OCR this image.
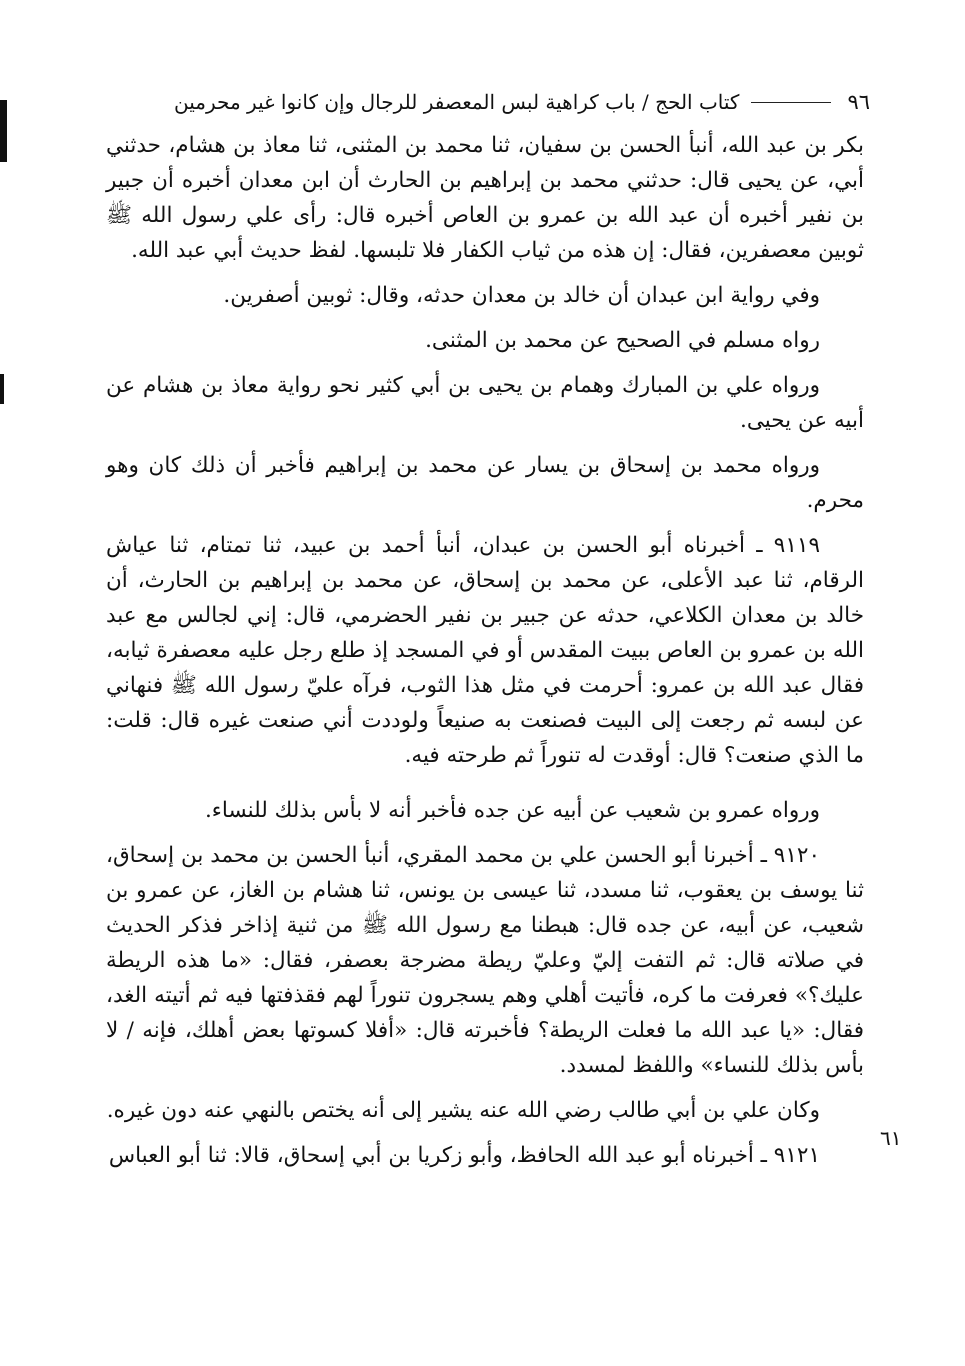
٩٦
كتاب الحج / باب كراهية لبس المعصفر للرجال وإن كانوا غير محرمين

بكر بن عبد الله، أنبأ الحسن بن سفيان، ثنا محمد بن المثنى، ثنا معاذ بن هشام، حدثني أبي، عن يحيى قال: حدثني محمد بن إبراهيم بن الحارث أن ابن معدان أخبره أن جبير بن نفير أخبره أن عبد الله بن عمرو بن العاص أخبره قال: رأى علي رسول الله ﷺ ثوبين معصفرين، فقال: إن هذه من ثياب الكفار فلا تلبسها. لفظ حديث أبي عبد الله.

وفي رواية ابن عبدان أن خالد بن معدان حدثه، وقال: ثوبين أصفرين.

رواه مسلم في الصحيح عن محمد بن المثنى.

ورواه علي بن المبارك وهمام بن يحيى بن أبي كثير نحو رواية معاذ بن هشام عن أبيه عن يحيى.

ورواه محمد بن إسحاق بن يسار عن محمد بن إبراهيم فأخبر أن ذلك كان وهو محرم.

٩١١٩ ـ أخبرناه أبو الحسن بن عبدان، أنبأ أحمد بن عبيد، ثنا تمتام، ثنا عياش الرقام، ثنا عبد الأعلى، عن محمد بن إسحاق، عن محمد بن إبراهيم بن الحارث، أن خالد بن معدان الكلاعي، حدثه عن جبير بن نفير الحضرمي، قال: إني لجالس مع عبد الله بن عمرو بن العاص ببيت المقدس أو في المسجد إذ طلع رجل عليه معصفرة ثيابه، فقال عبد الله بن عمرو: أحرمت في مثل هذا الثوب، فرآه عليّ رسول الله ﷺ فنهاني عن لبسه ثم رجعت إلى البيت فصنعت به صنيعاً ولوددت أني صنعت غيره قال: قلت: ما الذي صنعت؟ قال: أوقدت له تنوراً ثم طرحته فيه.

ورواه عمرو بن شعيب عن أبيه عن جده فأخبر أنه لا بأس بذلك للنساء.

٩١٢٠ ـ أخبرنا أبو الحسن علي بن محمد المقري، أنبأ الحسن بن محمد بن إسحاق، ثنا يوسف بن يعقوب، ثنا مسدد، ثنا عيسى بن يونس، ثنا هشام بن الغاز، عن عمرو بن شعيب، عن أبيه، عن جده قال: هبطنا مع رسول الله ﷺ من ثنية إذاخر فذكر الحديث في صلاته قال: ثم التفت إليّ وعليّ ريطة مضرجة بعصفر، فقال: «ما هذه الريطة عليك؟» فعرفت ما كره، فأتيت أهلي وهم يسجرون تنوراً لهم فقذفتها فيه ثم أتيته الغد، فقال: «يا عبد الله ما فعلت الريطة؟ فأخبرته قال: «أفلا كسوتها بعض أهلك، فإنه / لا بأس بذلك للنساء» واللفظ لمسدد.

وكان علي بن أبي طالب رضي الله عنه يشير إلى أنه يختص بالنهي عنه دون غيره.

٩١٢١ ـ أخبرناه أبو عبد الله الحافظ، وأبو زكريا بن أبي إسحاق، قالا: ثنا أبو العباس

٦١
